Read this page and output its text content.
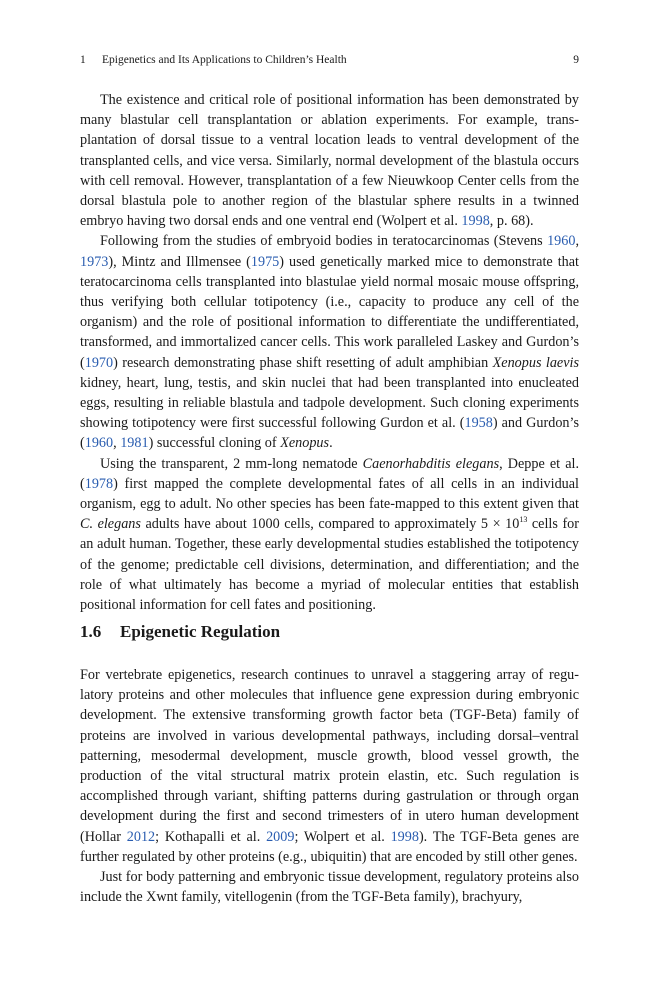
1 Epigenetics and Its Applications to Children’s Health	9

The existence and critical role of positional information has been demonstrated by many blastular cell transplantation or ablation experiments. For example, transplantation of dorsal tissue to a ventral location leads to ventral development of the transplanted cells, and vice versa. Similarly, normal development of the blastula occurs with cell removal. However, transplantation of a few Nieuwkoop Center cells from the dorsal blastula pole to another region of the blastular sphere results in a twinned embryo having two dorsal ends and one ventral end (Wolpert et al. 1998, p. 68).

Following from the studies of embryoid bodies in teratocarcinomas (Stevens 1960, 1973), Mintz and Illmensee (1975) used genetically marked mice to demonstrate that teratocarcinoma cells transplanted into blastulae yield normal mosaic mouse offspring, thus verifying both cellular totipotency (i.e., capacity to produce any cell of the organism) and the role of positional information to differentiate the undifferentiated, transformed, and immortalized cancer cells. This work paralleled Laskey and Gurdon’s (1970) research demonstrating phase shift resetting of adult amphibian Xenopus laevis kidney, heart, lung, testis, and skin nuclei that had been transplanted into enucleated eggs, resulting in reliable blastula and tadpole development. Such cloning experiments showing totipotency were first successful following Gurdon et al. (1958) and Gurdon’s (1960, 1981) successful cloning of Xenopus.

Using the transparent, 2 mm-long nematode Caenorhabditis elegans, Deppe et al. (1978) first mapped the complete developmental fates of all cells in an individual organism, egg to adult. No other species has been fate-mapped to this extent given that C. elegans adults have about 1000 cells, compared to approximately $5 \times 10^{13}$ cells for an adult human. Together, these early developmental studies established the totipotency of the genome; predictable cell divisions, determination, and differentiation; and the role of what ultimately has become a myriad of molecular entities that establish positional information for cell fates and positioning.

1.6 Epigenetic Regulation

For vertebrate epigenetics, research continues to unravel a staggering array of regulatory proteins and other molecules that influence gene expression during embryonic development. The extensive transforming growth factor beta (TGF-Beta) family of proteins are involved in various developmental pathways, including dorsal–ventral patterning, mesodermal development, muscle growth, blood vessel growth, the production of the vital structural matrix protein elastin, etc. Such regulation is accomplished through variant, shifting patterns during gastrulation or through organ development during the first and second trimesters of in utero human development (Hollar 2012; Kothapalli et al. 2009; Wolpert et al. 1998). The TGF-Beta genes are further regulated by other proteins (e.g., ubiquitin) that are encoded by still other genes.

Just for body patterning and embryonic tissue development, regulatory proteins also include the Xwnt family, vitellogenin (from the TGF-Beta family), brachyury,
